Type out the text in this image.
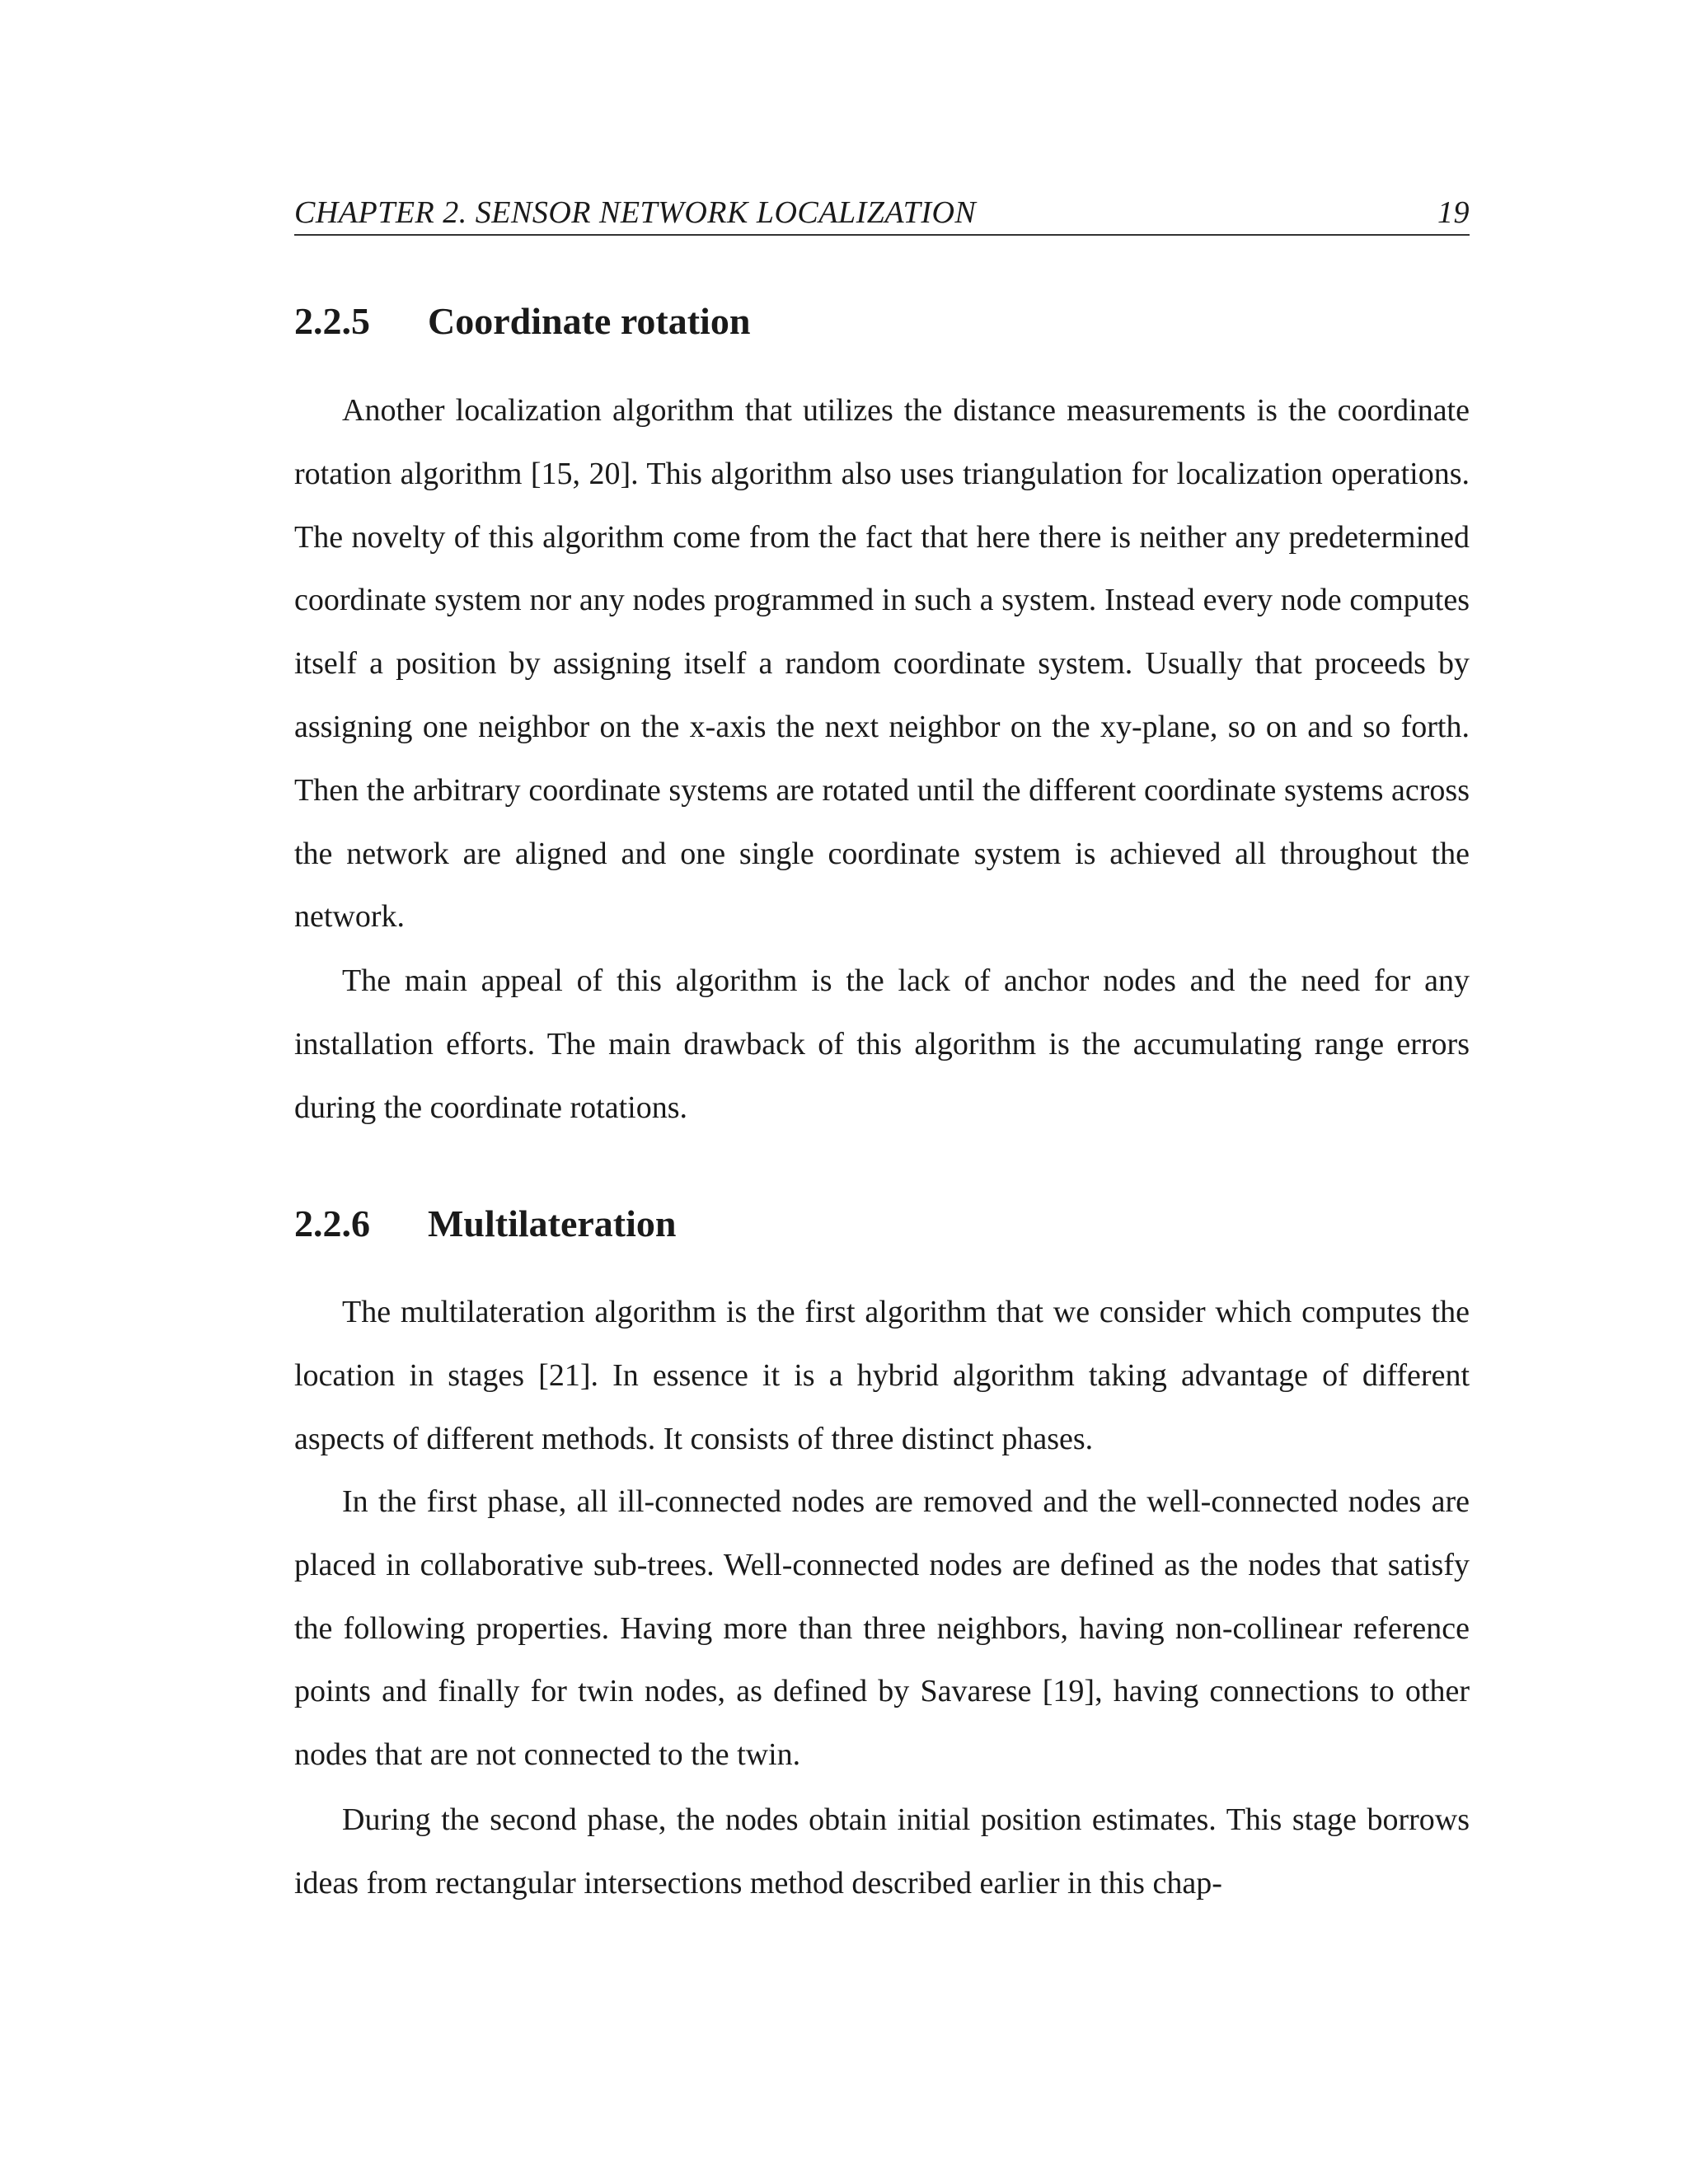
CHAPTER 2. SENSOR NETWORK LOCALIZATION	19
2.2.5 Coordinate rotation

Another localization algorithm that utilizes the distance measurements is the coordinate rotation algorithm [15, 20]. This algorithm also uses triangulation for localization operations. The novelty of this algorithm come from the fact that here there is neither any predetermined coordinate system nor any nodes programmed in such a system. Instead every node computes itself a position by assigning itself a random coordinate system. Usually that proceeds by assigning one neighbor on the x-axis the next neighbor on the xy-plane, so on and so forth. Then the arbitrary coordinate systems are rotated until the different coordinate systems across the network are aligned and one single coordinate system is achieved all throughout the network.

The main appeal of this algorithm is the lack of anchor nodes and the need for any installation efforts. The main drawback of this algorithm is the accumulating range errors during the coordinate rotations.

2.2.6 Multilateration

The multilateration algorithm is the first algorithm that we consider which computes the location in stages [21]. In essence it is a hybrid algorithm taking advantage of different aspects of different methods. It consists of three distinct phases.

In the first phase, all ill-connected nodes are removed and the well-connected nodes are placed in collaborative sub-trees. Well-connected nodes are defined as the nodes that satisfy the following properties. Having more than three neighbors, having non-collinear reference points and finally for twin nodes, as defined by Savarese [19], having connections to other nodes that are not connected to the twin.

During the second phase, the nodes obtain initial position estimates. This stage borrows ideas from rectangular intersections method described earlier in this chap-
